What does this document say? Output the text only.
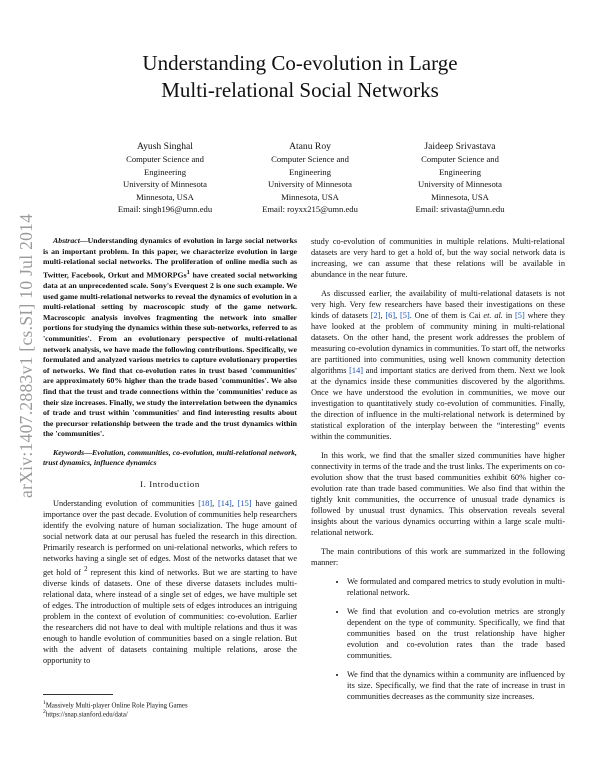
Understanding Co-evolution in Large
Multi-relational Social Networks
Ayush Singhal
Computer Science and
Engineering
University of Minnesota
Minnesota, USA
Email: singh196@umn.edu
Atanu Roy
Computer Science and
Engineering
University of Minnesota
Minnesota, USA
Email: royxx215@umn.edu
Jaideep Srivastava
Computer Science and
Engineering
University of Minnesota
Minnesota, USA
Email: srivasta@umn.edu
arXiv:1407.2883v1 [cs.SI] 10 Jul 2014	Abstract—Understanding dynamics of evolution in large social networks is an important problem. In this paper, we characterize evolution in large multi-relational social networks. The proliferation of online media such as Twitter, Facebook, Orkut and MMORPGs$^1$ have created social networking data at an unprecedented scale. Sony's Everquest 2 is one such example. We used game multi-relational networks to reveal the dynamics of evolution in a multi-relational setting by macroscopic study of the game network. Macroscopic analysis involves fragmenting the network into smaller portions for studying the dynamics within these sub-networks, referred to as 'communities'. From an evolutionary perspective of multi-relational network analysis, we have made the following contributions. Specifically, we formulated and analyzed various metrics to capture evolutionary properties of networks. We find that co-evolution rates in trust based 'communities' are approximately 60% higher than the trade based 'communities'. We also find that the trust and trade connections within the 'communities' reduce as their size increases. Finally, we study the interrelation between the dynamics of trade and trust within 'communities' and find interesting results about the precursor relationship between the trade and the trust dynamics within the 'communities'.

Keywords—Evolution, communities, co-evolution, multi-relational network, trust dynamics, influence dynamics

I. Introduction

Understanding evolution of communities [18], [14], [15] have gained importance over the past decade. Evolution of communities help researchers identify the evolving nature of human socialization. The huge amount of social network data at our perusal has fueled the research in this direction. Primarily research is performed on uni-relational networks, which refers to networks having a single set of edges. Most of the networks dataset that we get hold of $^2$ represent this kind of networks. But we are starting to have diverse kinds of datasets. One of these diverse datasets includes multi-relational data, where instead of a single set of edges, we have multiple set of edges. The introduction of multiple sets of edges introduces an intriguing problem in the context of evolution of communities: co-evolution. Earlier the researchers did not have to deal with multiple relations and thus it was enough to handle evolution of communities based on a single relation. But with the advent of datasets containing multiple relations, arose the opportunity to

study co-evolution of communities in multiple relations. Multi-relational datasets are very hard to get a hold of, but the way social network data is increasing, we can assume that these relations will be available in abundance in the near future.

As discussed earlier, the availability of multi-relational datasets is not very high. Very few researchers have based their investigations on these kinds of datasets [2], [6], [5]. One of them is Cai et. al. in [5] where they have looked at the problem of community mining in multi-relational datasets. On the other hand, the present work addresses the problem of measuring co-evolution dynamics in communities. To start off, the networks are partitioned into communities, using well known community detection algorithms [14] and important statics are derived from them. Next we look at the dynamics inside these communities discovered by the algorithms. Once we have understood the evolution in communities, we move our investigation to quantitatively study co-evolution of communities. Finally, the direction of influence in the multi-relational network is determined by statistical exploration of the interplay between the “interesting” events within the communities.

In this work, we find that the smaller sized communities have higher connectivity in terms of the trade and the trust links. The experiments on co-evolution show that the trust based communities exhibit 60% higher co-evolution rate than trade based communities. We also find that within the tightly knit communities, the occurrence of unusual trade dynamics is followed by unusual trust dynamics. This observation reveals several insights about the various dynamics occurring within a large scale multi-relational network.

The main contributions of this work are summarized in the following manner:

• We formulated and compared metrics to study evolution in multi-relational network.
• We find that evolution and co-evolution metrics are strongly dependent on the type of community. Specifically, we find that communities based on the trust relationship have higher evolution and co-evolution rates than the trade based communities.
• We find that the dynamics within a community are influenced by its size. Specifically, we find that the rate of increase in trust in communities decreases as the community size increases.
$^1$Massively Multi-player Online Role Playing Games
$^2$https://snap.stanford.edu/data/
